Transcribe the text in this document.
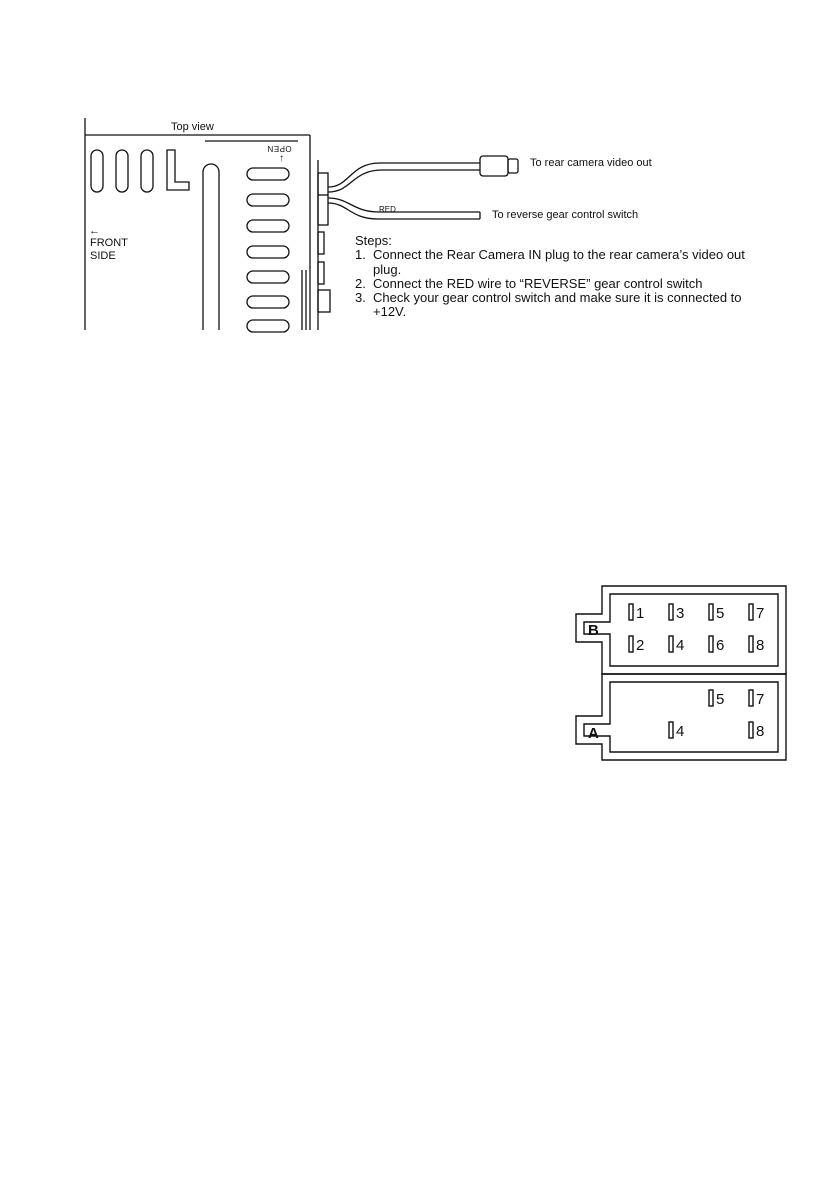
Top view
OPEN
↑
←
FRONT
SIDE
RED
To rear camera video out
To reverse gear control switch
Steps:
1. Connect the Rear Camera IN plug to the rear camera’s video out plug.
2. Connect the RED wire to “REVERSE” gear control switch
3. Check your gear control switch and make sure it is connected to +12V.
B
A
1 3 5 7
2 4 6 8
5 7
4	8
